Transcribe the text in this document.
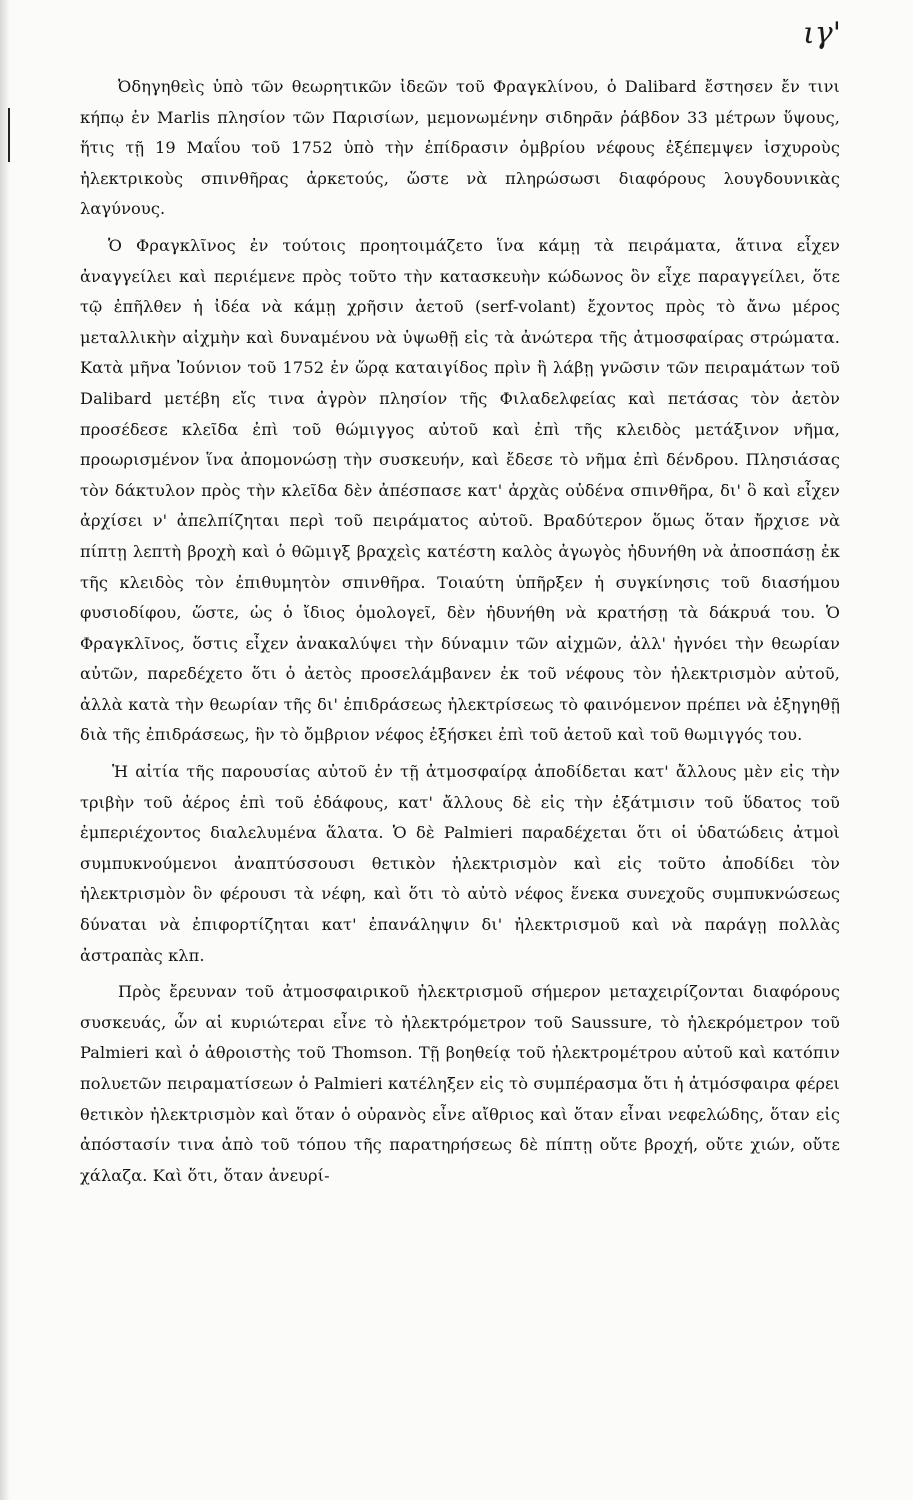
ιγ'

Ὀδηγηθεὶς ὑπὸ τῶν θεωρητικῶν ἰδεῶν τοῦ Φραγκλίνου, ὁ Dalibard ἔστησεν ἔν τινι κήπῳ ἐν Marlis πλησίον τῶν Παρισίων, μεμονωμένην σιδηρᾶν ῥάβδον 33 μέτρων ὕψους, ἥτις τῇ 19 Μαΐου τοῦ 1752 ὑπὸ τὴν ἐπίδρασιν ὀμβρίου νέφους ἐξέπεμψεν ἰσχυροὺς ἠλεκτρικοὺς σπινθῆρας ἀρκετούς, ὥστε νὰ πληρώσωσι διαφόρους λουγδουνικὰς λαγύνους.

Ὁ Φραγκλῖνος ἐν τούτοις προητοιμάζετο ἵνα κάμῃ τὰ πειράματα, ἅτινα εἶχεν ἀναγγείλει καὶ περιέμενε πρὸς τοῦτο τὴν κατασκευὴν κώδωνος ὃν εἶχε παραγγείλει, ὅτε τῷ ἐπῆλθεν ἡ ἰδέα νὰ κάμῃ χρῆσιν ἀετοῦ (serf-volant) ἔχοντος πρὸς τὸ ἄνω μέρος μεταλλικὴν αἰχμὴν καὶ δυναμένου νὰ ὑψωθῇ εἰς τὰ ἀνώτερα τῆς ἀτμοσφαίρας στρώματα. Κατὰ μῆνα Ἰούνιον τοῦ 1752 ἐν ὥρᾳ καταιγίδος πρὶν ἢ λάβῃ γνῶσιν τῶν πειραμάτων τοῦ Dalibard μετέβη εἴς τινα ἀγρὸν πλησίον τῆς Φιλαδελφείας καὶ πετάσας τὸν ἀετὸν προσέδεσε κλεῖδα ἐπὶ τοῦ θώμιγγος αὐτοῦ καὶ ἐπὶ τῆς κλειδὸς μετάξινον νῆμα, προωρισμένον ἵνα ἀπομονώσῃ τὴν συσκευήν, καὶ ἔδεσε τὸ νῆμα ἐπὶ δένδρου. Πλησιάσας τὸν δάκτυλον πρὸς τὴν κλεῖδα δὲν ἀπέσπασε κατ' ἀρχὰς οὐδένα σπινθῆρα, δι' ὃ καὶ εἶχεν ἀρχίσει ν' ἀπελπίζηται περὶ τοῦ πειράματος αὐτοῦ. Βραδύτερον ὅμως ὅταν ἤρχισε νὰ πίπτῃ λεπτὴ βροχὴ καὶ ὁ θῶμιγξ βραχεὶς κατέστη καλὸς ἀγωγὸς ἠδυνήθη νὰ ἀποσπάσῃ ἐκ τῆς κλειδὸς τὸν ἐπιθυμητὸν σπινθῆρα. Τοιαύτη ὑπῆρξεν ἡ συγκίνησις τοῦ διασήμου φυσιοδίφου, ὥστε, ὡς ὁ ἴδιος ὁμολογεῖ, δὲν ἠδυνήθη νὰ κρατήσῃ τὰ δάκρυά του. Ὁ Φραγκλῖνος, ὅστις εἶχεν ἀνακαλύψει τὴν δύναμιν τῶν αἰχμῶν, ἀλλ' ἠγνόει τὴν θεωρίαν αὐτῶν, παρεδέχετο ὅτι ὁ ἀετὸς προσελάμβανεν ἐκ τοῦ νέφους τὸν ἠλεκτρισμὸν αὐτοῦ, ἀλλὰ κατὰ τὴν θεωρίαν τῆς δι' ἐπιδράσεως ἠλεκτρίσεως τὸ φαινόμενον πρέπει νὰ ἐξηγηθῇ διὰ τῆς ἐπιδράσεως, ἣν τὸ ὄμβριον νέφος ἐξήσκει ἐπὶ τοῦ ἀετοῦ καὶ τοῦ θωμιγγός του.

Ἡ αἰτία τῆς παρουσίας αὐτοῦ ἐν τῇ ἀτμοσφαίρᾳ ἀποδίδεται κατ' ἄλλους μὲν εἰς τὴν τριβὴν τοῦ ἀέρος ἐπὶ τοῦ ἐδάφους, κατ' ἄλλους δὲ εἰς τὴν ἐξάτμισιν τοῦ ὕδατος τοῦ ἐμπεριέχοντος διαλελυμένα ἅλατα. Ὁ δὲ Palmieri παραδέχεται ὅτι οἱ ὑδατώδεις ἀτμοὶ συμπυκνούμενοι ἀναπτύσσουσι θετικὸν ἠλεκτρισμὸν καὶ εἰς τοῦτο ἀποδίδει τὸν ἠλεκτρισμὸν ὃν φέρουσι τὰ νέφη, καὶ ὅτι τὸ αὐτὸ νέφος ἕνεκα συνεχοῦς συμπυκνώσεως δύναται νὰ ἐπιφορτίζηται κατ' ἐπανάληψιν δι' ἠλεκτρισμοῦ καὶ νὰ παράγῃ πολλὰς ἀστραπὰς κλπ.

Πρὸς ἔρευναν τοῦ ἀτμοσφαιρικοῦ ἠλεκτρισμοῦ σήμερον μεταχειρίζονται διαφόρους συσκευάς, ὧν αἱ κυριώτεραι εἶνε τὸ ἠλεκτρόμετρον τοῦ Saussure, τὸ ἠλεκρόμετρον τοῦ Palmieri καὶ ὁ ἀθροιστὴς τοῦ Thomson. Τῇ βοηθείᾳ τοῦ ἠλεκτρομέτρου αὐτοῦ καὶ κατόπιν πολυετῶν πειραματίσεων ὁ Palmieri κατέληξεν εἰς τὸ συμπέρασμα ὅτι ἡ ἀτμόσφαιρα φέρει θετικὸν ἠλεκτρισμὸν καὶ ὅταν ὁ οὐρανὸς εἶνε αἴθριος καὶ ὅταν εἶναι νεφελώδης, ὅταν εἰς ἀπόστασίν τινα ἀπὸ τοῦ τόπου τῆς παρατηρήσεως δὲ πίπτῃ οὔτε βροχή, οὔτε χιών, οὔτε χάλαζα. Καὶ ὅτι, ὅταν ἀνευρί-
